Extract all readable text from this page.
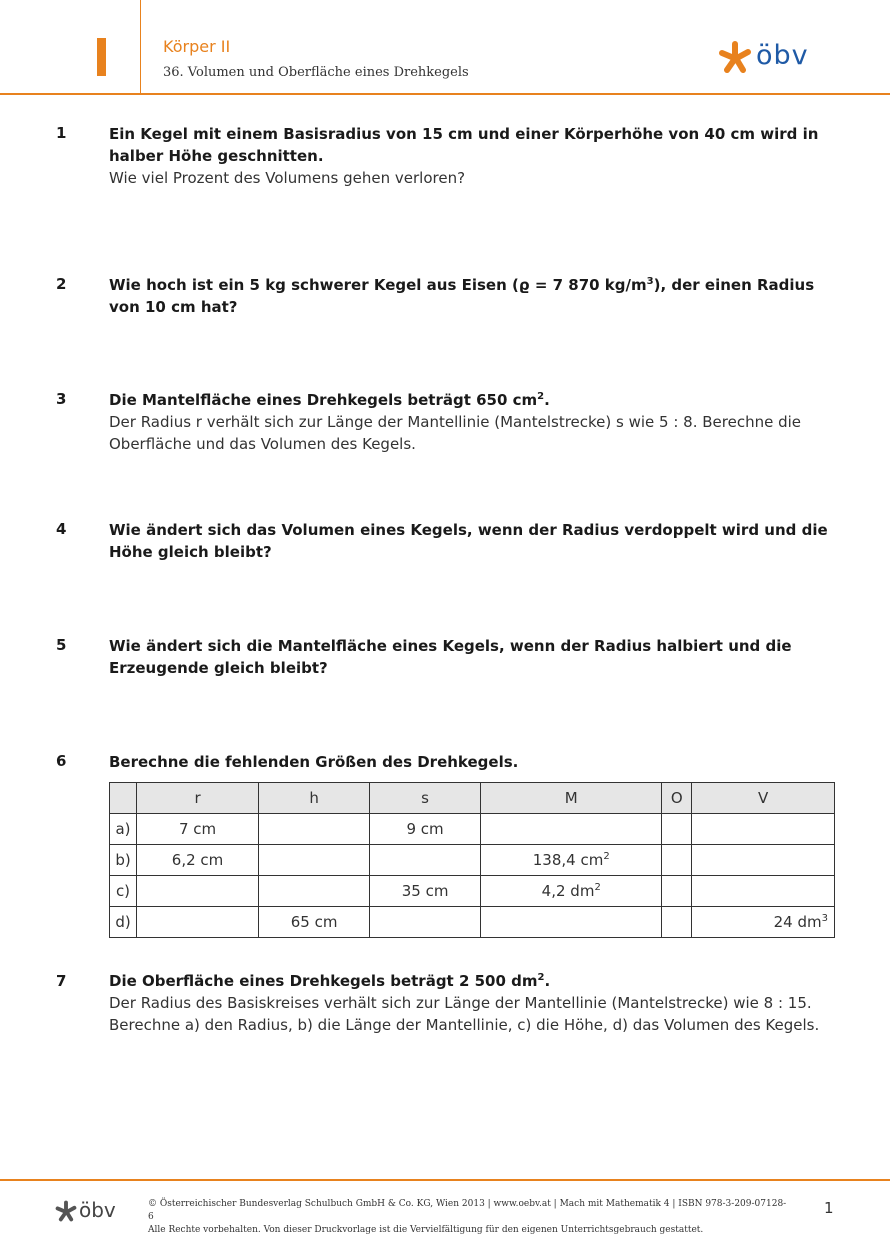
Körper II
36. Volumen und Oberfläche eines Drehkegels
öbv
1	Ein Kegel mit einem Basisradius von 15 cm und einer Körperhöhe von 40 cm wird in halber Höhe geschnitten.
Wie viel Prozent des Volumens gehen verloren?
2	Wie hoch ist ein 5 kg schwerer Kegel aus Eisen (ϱ = 7 870 $kg/m^3$), der einen Radius von 10 cm hat?
3	Die Mantelfläche eines Drehkegels beträgt 650 $cm^2$.
Der Radius r verhält sich zur Länge der Mantellinie (Mantelstrecke) s wie 5 : 8. Berechne die Oberfläche und das Volumen des Kegels.
4	Wie ändert sich das Volumen eines Kegels, wenn der Radius verdoppelt wird und die Höhe gleich bleibt?
5	Wie ändert sich die Mantelfläche eines Kegels, wenn der Radius halbiert und die Erzeugende gleich bleibt?
6	Berechne die fehlenden Größen des Drehkegels.
	r	h	s	M	O	V
a)	7 cm		9 cm			
b)	6,2 cm			138,4 $cm^2$		
c)			35 cm	4,2 $dm^2$		
d)		65 cm				24 $dm^3$
7	Die Oberfläche eines Drehkegels beträgt 2 500 $dm^2$.
Der Radius des Basiskreises verhält sich zur Länge der Mantellinie (Mantelstrecke) wie 8 : 15.
Berechne a) den Radius, b) die Länge der Mantellinie, c) die Höhe, d) das Volumen des Kegels.
öbv	© Österreichischer Bundesverlag Schulbuch GmbH & Co. KG, Wien 2013 | www.oebv.at | Mach mit Mathematik 4 | ISBN 978-3-209-07128-6
Alle Rechte vorbehalten. Von dieser Druckvorlage ist die Vervielfältigung für den eigenen Unterrichtsgebrauch gestattet.
1
